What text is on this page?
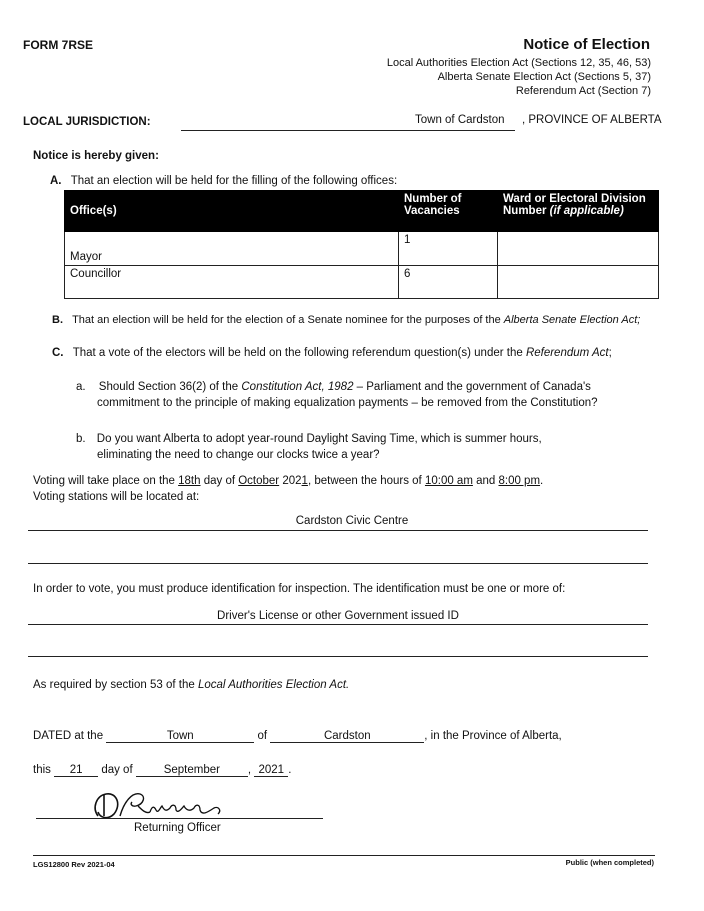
FORM 7RSE	Notice of Election
Local Authorities Election Act (Sections 12, 35, 46, 53)
Alberta Senate Election Act (Sections 5, 37)
Referendum Act (Section 7)
LOCAL JURISDICTION:	Town of Cardston , PROVINCE OF ALBERTA
Notice is hereby given:
A. That an election will be held for the filling of the following offices:
Office(s)	Number of Vacancies	Ward or Electoral Division Number (if applicable)
Mayor	1	
Councillor	6	
B. That an election will be held for the election of a Senate nominee for the purposes of the Alberta Senate Election Act;
C. That a vote of the electors will be held on the following referendum question(s) under the Referendum Act;
a. Should Section 36(2) of the Constitution Act, 1982 – Parliament and the government of Canada's
commitment to the principle of making equalization payments – be removed from the Constitution?
b. Do you want Alberta to adopt year-round Daylight Saving Time, which is summer hours,
eliminating the need to change our clocks twice a year?
Voting will take place on the 18th day of October 2021, between the hours of 10:00 am and 8:00 pm.
Voting stations will be located at:
Cardston Civic Centre
In order to vote, you must produce identification for inspection. The identification must be one or more of:
Driver's License or other Government issued ID
As required by section 53 of the Local Authorities Election Act.
DATED at the	Town	of	Cardston	, in the Province of Alberta,
this 21 day of	September , 2021 .
Returning Officer
LGS12800 Rev 2021-04	Public (when completed)
